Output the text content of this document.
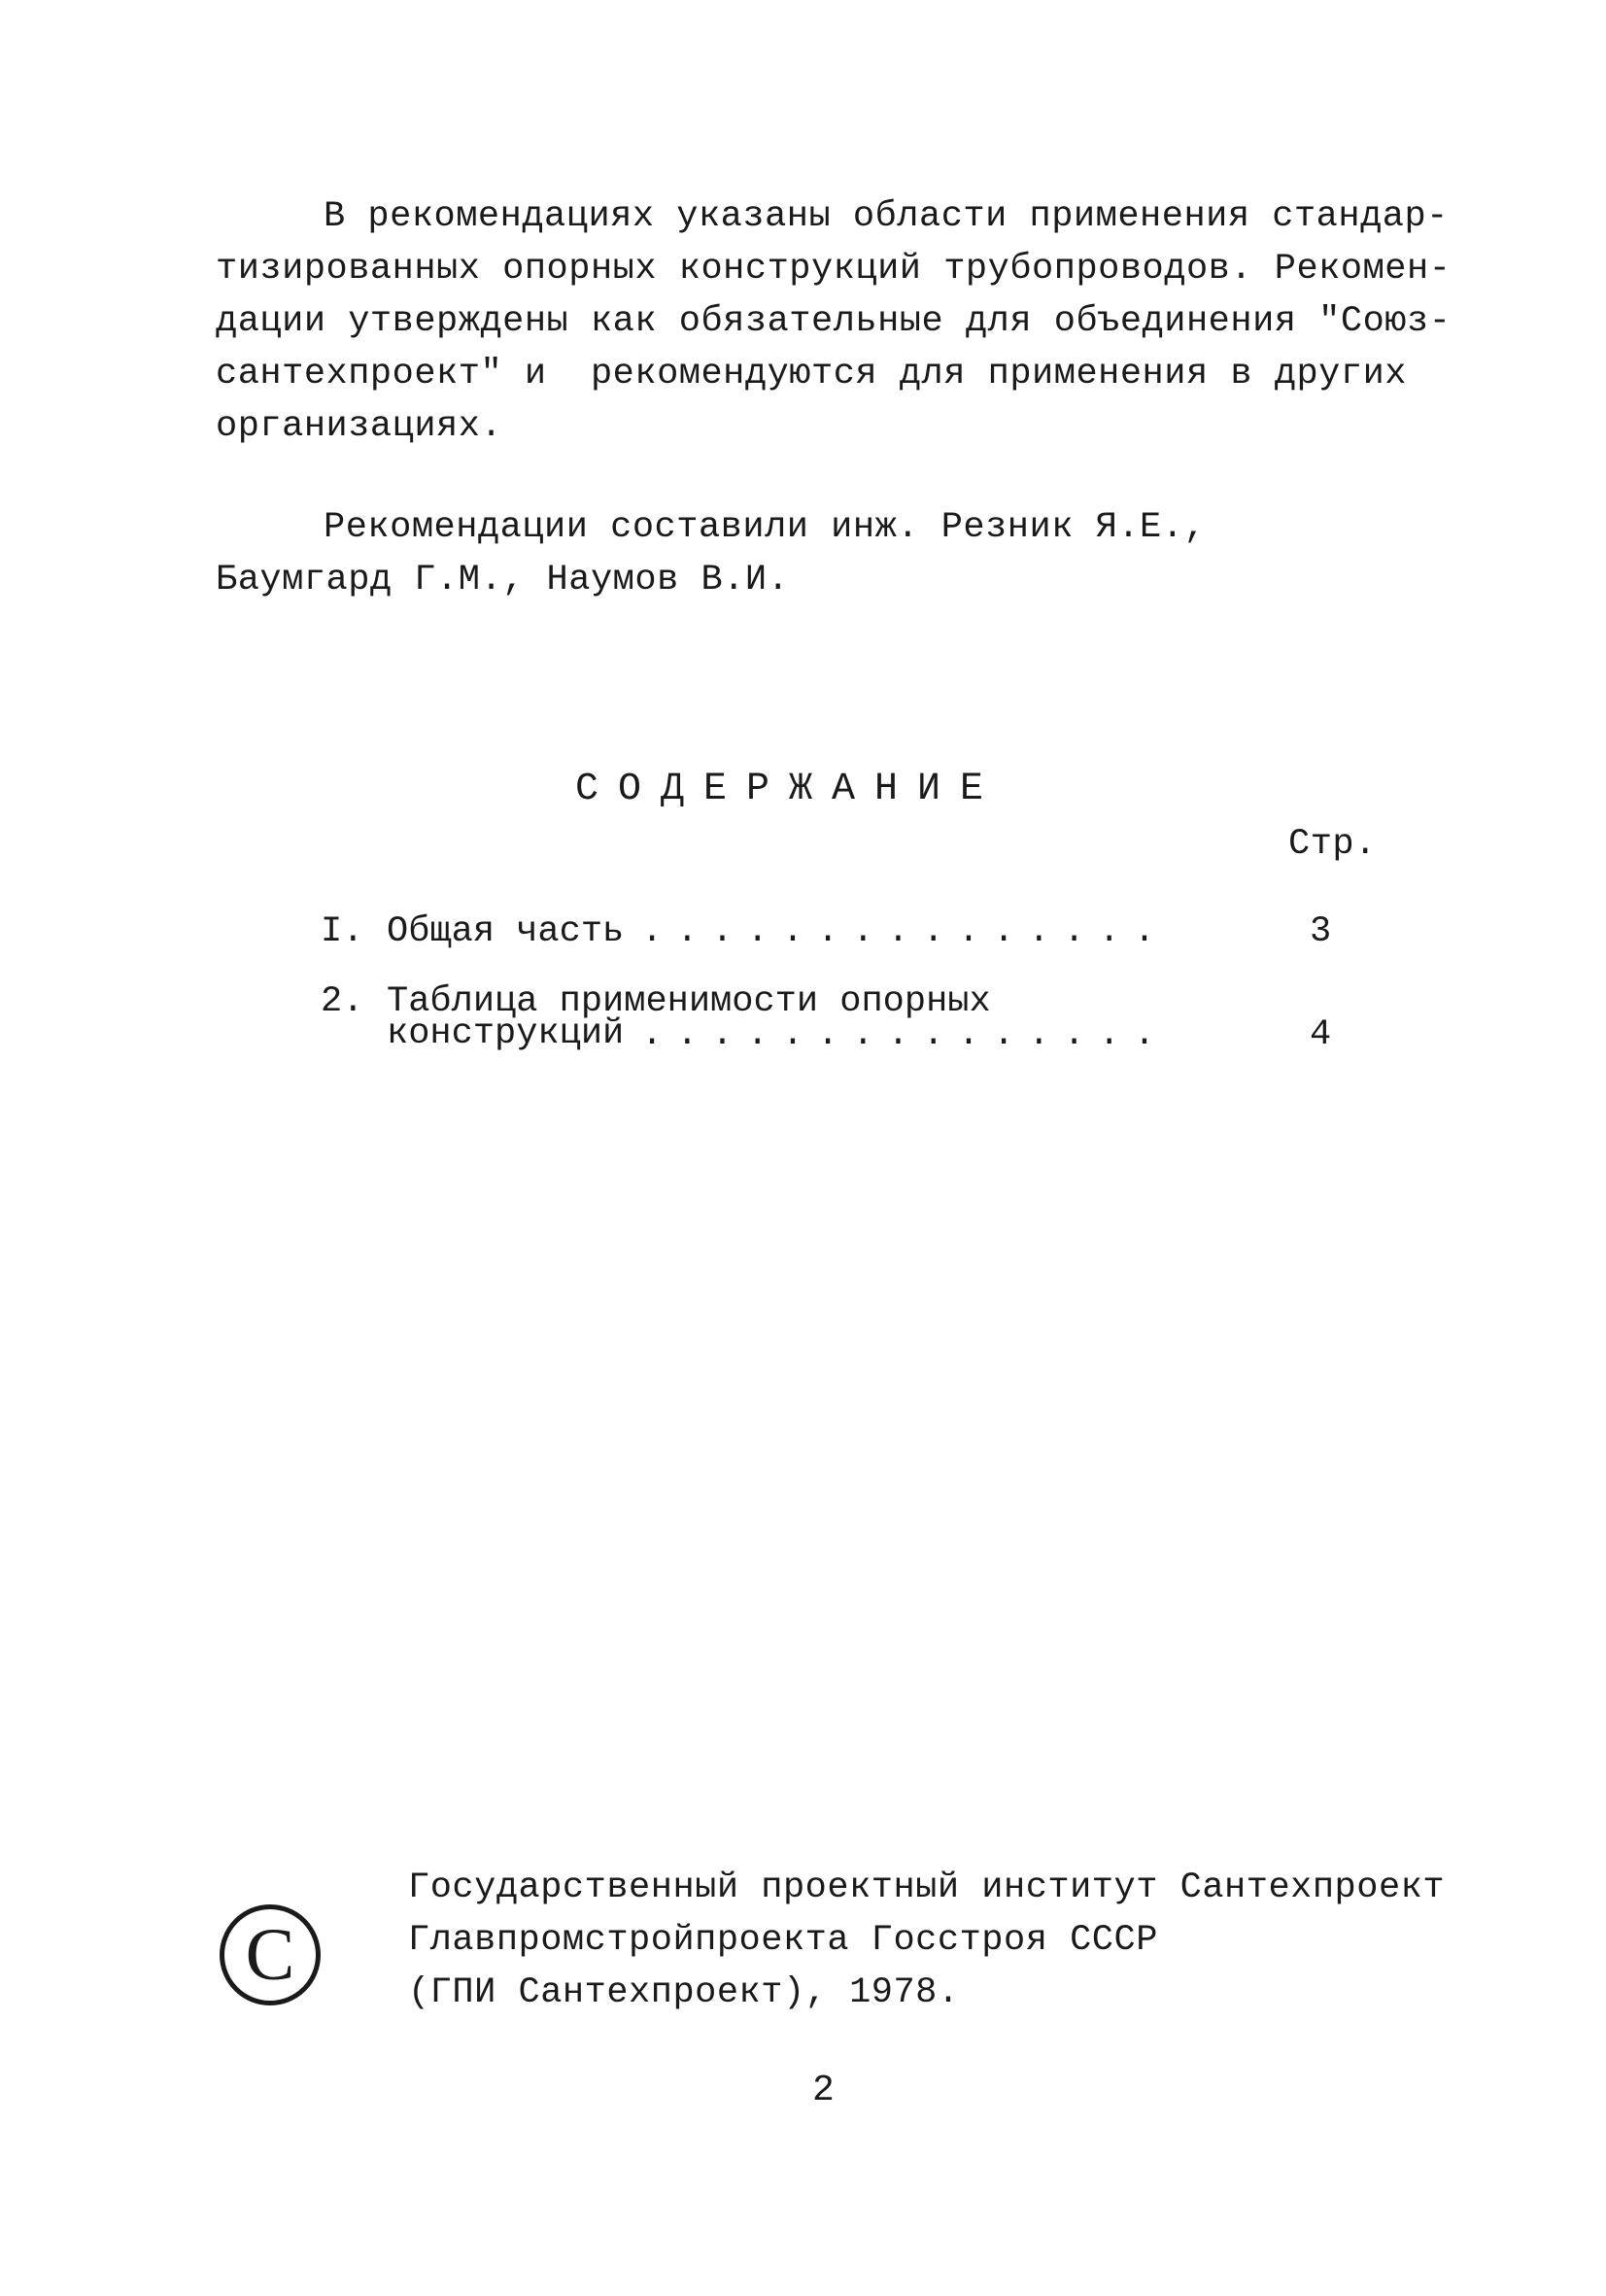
В рекомендациях указаны области применения стандар-
тизированных опорных конструкций трубопроводов. Рекомен-
дации утверждены как обязательные для объединения "Союз-
сантехпроект" и  рекомендуются для применения в других
организациях.
Рекомендации составили инж. Резник Я.Е.,
Баумгард Г.М., Наумов В.И.
СОДЕРЖАНИЕ
Стр.
I. Общая часть ...............	3
2. Таблица применимости опорных
конструкций ...............	4
C
Государственный проектный институт Сантехпроект
Главпромстройпроекта Госстроя СССР
(ГПИ Сантехпроект), 1978.
2
